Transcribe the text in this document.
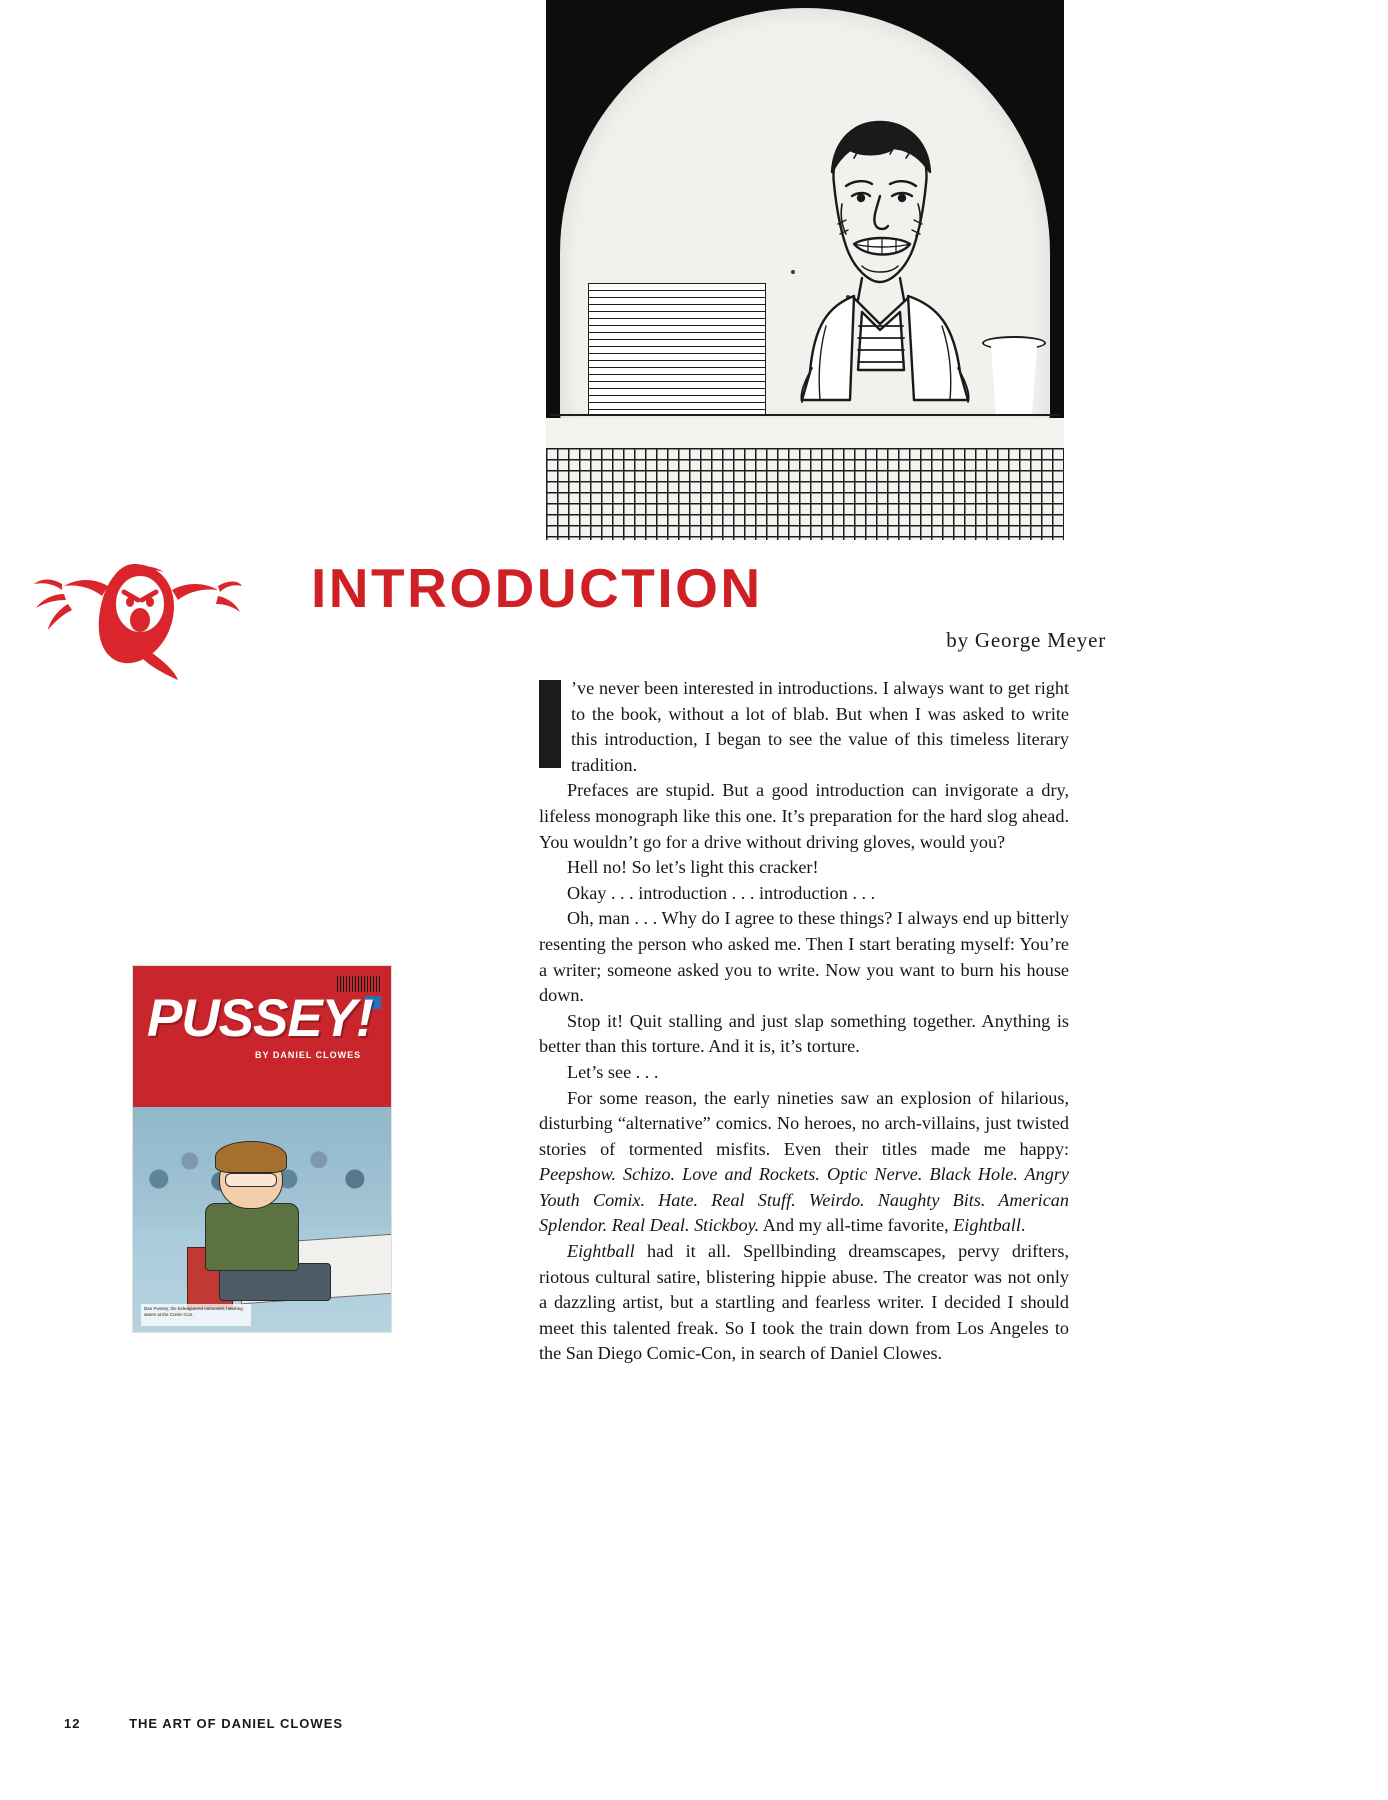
INTRODUCTION
by George Meyer

’ve never been interested in introductions. I always want to get right to the book, without a lot of blab. But when I was asked to write this introduction, I began to see the value of this timeless literary tradition.

Prefaces are stupid. But a good introduction can invigorate a dry, lifeless monograph like this one. It’s preparation for the hard slog ahead. You wouldn’t go for a drive without driving gloves, would you?

Hell no! So let’s light this cracker!

Okay . . . introduction . . . introduction . . .

Oh, man . . . Why do I agree to these things? I always end up bitterly resenting the person who asked me. Then I start berating myself: You’re a writer; someone asked you to write. Now you want to burn his house down.

Stop it! Quit stalling and just slap something together. Anything is better than this torture. And it is, it’s torture.

Let’s see . . .

For some reason, the early nineties saw an explosion of hilarious, disturbing “alternative” comics. No heroes, no arch-villains, just twisted stories of tormented misfits. Even their titles made me happy: Peepshow. Schizo. Love and Rockets. Optic Nerve. Black Hole. Angry Youth Comix. Hate. Real Stuff. Weirdo. Naughty Bits. American Splendor. Real Deal. Stickboy. And my all-time favorite, Eightball.

Eightball had it all. Spellbinding dreamscapes, pervy drifters, riotous cultural satire, blistering hippie abuse. The creator was not only a dazzling artist, but a startling and fearless writer. I decided I should meet this talented freak. So I took the train down from Los Angeles to the San Diego Comic-Con, in search of Daniel Clowes.

PUSSEY!
BY DANIEL CLOWES
Dan Pussey, the beleaguered cartoonist, hawking wares at the Comic-Con.
12	THE ART OF DANIEL CLOWES
